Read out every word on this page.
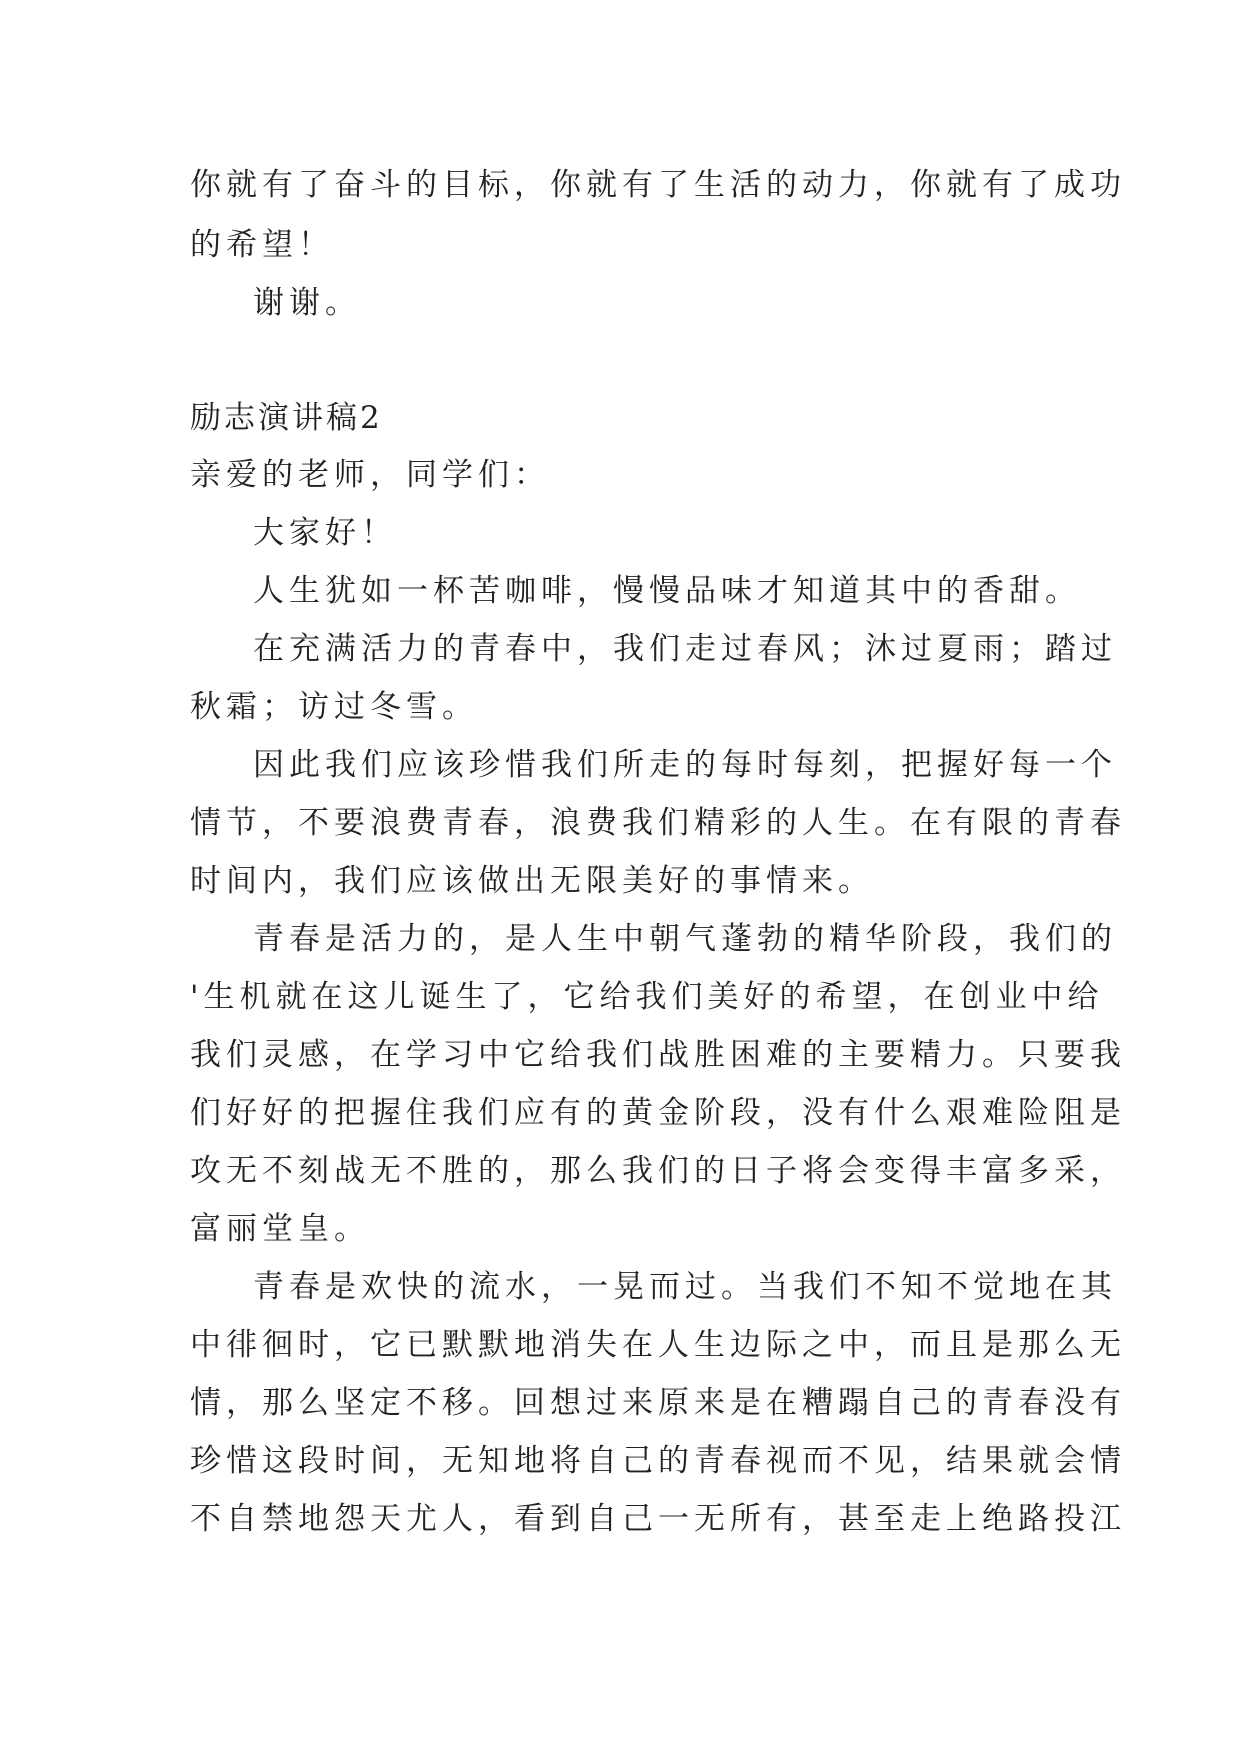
你就有了奋斗的目标，你就有了生活的动力，你就有了成功
的希望！
谢谢。
励志演讲稿2
亲爱的老师，同学们：
大家好！
人生犹如一杯苦咖啡，慢慢品味才知道其中的香甜。
在充满活力的青春中，我们走过春风；沐过夏雨；踏过
秋霜；访过冬雪。
因此我们应该珍惜我们所走的每时每刻，把握好每一个
情节，不要浪费青春，浪费我们精彩的人生。在有限的青春
时间内，我们应该做出无限美好的事情来。
青春是活力的，是人生中朝气蓬勃的精华阶段，我们的
'生机就在这儿诞生了，它给我们美好的希望，在创业中给
我们灵感，在学习中它给我们战胜困难的主要精力。只要我
们好好的把握住我们应有的黄金阶段，没有什么艰难险阻是
攻无不刻战无不胜的，那么我们的日子将会变得丰富多采，
富丽堂皇。
青春是欢快的流水，一晃而过。当我们不知不觉地在其
中徘徊时，它已默默地消失在人生边际之中，而且是那么无
情，那么坚定不移。回想过来原来是在糟蹋自己的青春没有
珍惜这段时间，无知地将自己的青春视而不见，结果就会情
不自禁地怨天尤人，看到自己一无所有，甚至走上绝路投江
